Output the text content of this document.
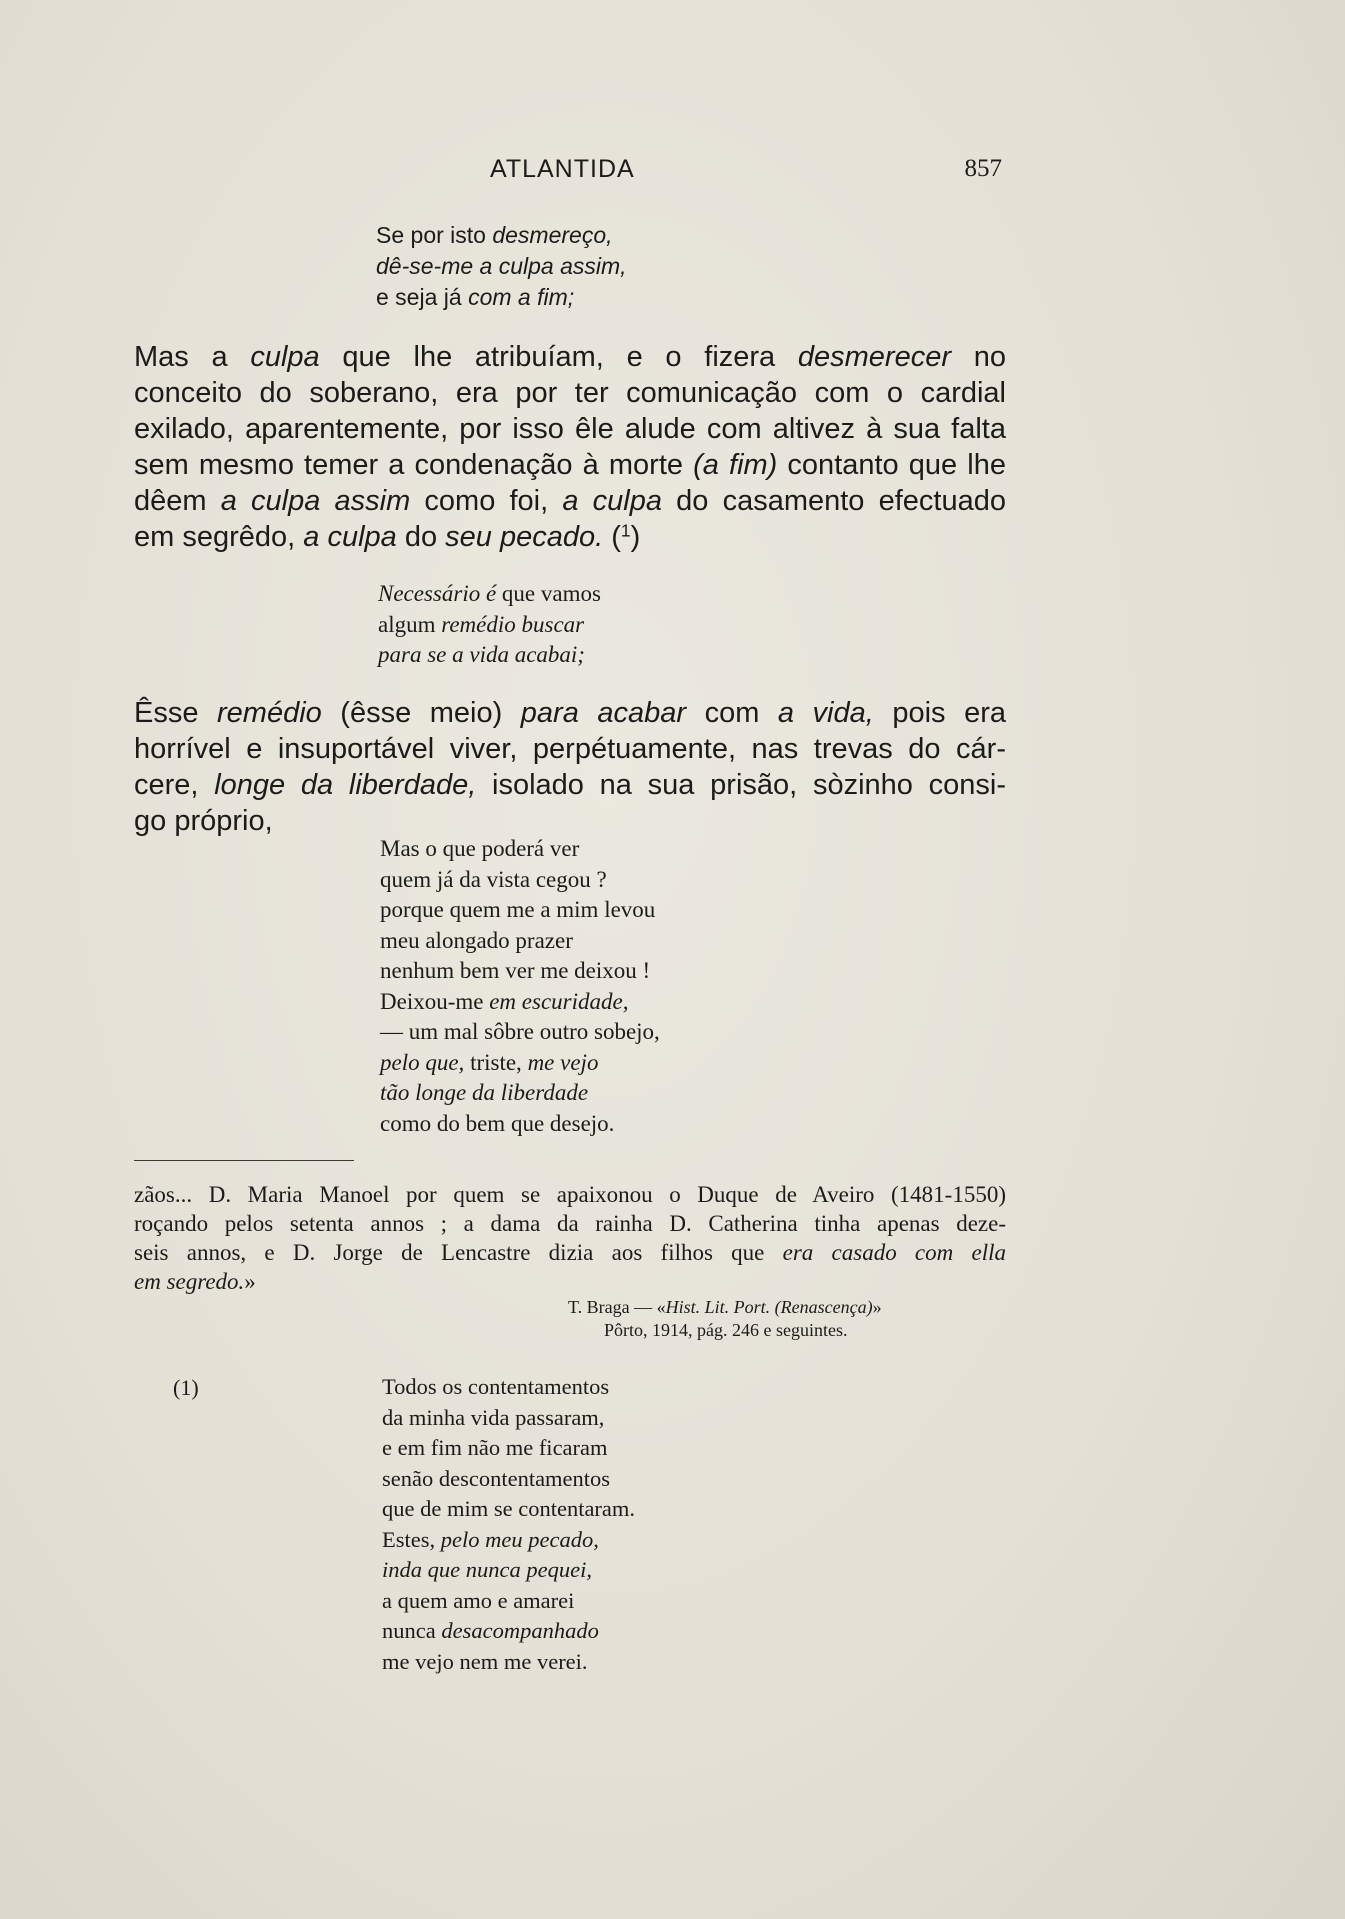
ATLANTIDA	857
Se por isto desmereço,
dê-se-me a culpa assim,
e seja já com a fim;
Mas a culpa que lhe atribuíam, e o fizera desmerecer no
conceito do soberano, era por ter comunicação com o cardial
exilado, aparentemente, por isso êle alude com altivez à sua falta
sem mesmo temer a condenação à morte (a fim) contanto que lhe
dêem a culpa assim como foi, a culpa do casamento efectuado
em segrêdo, a culpa do seu pecado. ($^1$)
Necessário é que vamos
algum remédio buscar
para se a vida acabai;
Êsse remédio (êsse meio) para acabar com a vida, pois era
horrível e insuportável viver, perpétuamente, nas trevas do cár-
cere, longe da liberdade, isolado na sua prisão, sòzinho consi-
go próprio,
Mas o que poderá ver
quem já da vista cegou ?
porque quem me a mim levou
meu alongado prazer
nenhum bem ver me deixou !
Deixou-me em escuridade,
— um mal sôbre outro sobejo,
pelo que, triste, me vejo
tão longe da liberdade
como do bem que desejo.
zãos... D. Maria Manoel por quem se apaixonou o Duque de Aveiro (1481-1550)
roçando pelos setenta annos ; a dama da rainha D. Catherina tinha apenas deze-
seis annos, e D. Jorge de Lencastre dizia aos filhos que era casado com ella
em segredo.»
T. Braga — «Hist. Lit. Port. (Renascença)»
Pôrto, 1914, pág. 246 e seguintes.
(1)	Todos os contentamentos
da minha vida passaram,
e em fim não me ficaram
senão descontentamentos
que de mim se contentaram.
Estes, pelo meu pecado,
inda que nunca pequei,
a quem amo e amarei
nunca desacompanhado
me vejo nem me verei.
